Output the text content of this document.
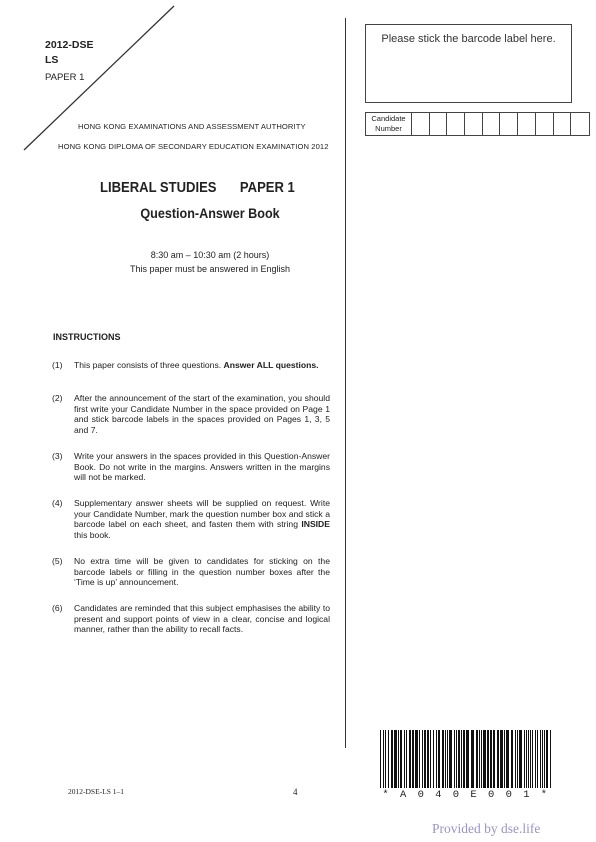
2012-DSE
LS
PAPER 1
HONG KONG EXAMINATIONS AND ASSESSMENT AUTHORITY
HONG KONG DIPLOMA OF SECONDARY EDUCATION EXAMINATION 2012
LIBERAL STUDIES PAPER 1
Question-Answer Book
8:30 am – 10:30 am (2 hours)
This paper must be answered in English
INSTRUCTIONS
(1)	This paper consists of three questions. Answer ALL questions.
(2)	After the announcement of the start of the examination, you should first write your Candidate Number in the space provided on Page 1 and stick barcode labels in the spaces provided on Pages 1, 3, 5 and 7.
(3)	Write your answers in the spaces provided in this Question-Answer Book. Do not write in the margins. Answers written in the margins will not be marked.
(4)	Supplementary answer sheets will be supplied on request. Write your Candidate Number, mark the question number box and stick a barcode label on each sheet, and fasten them with string INSIDE this book.
(5)	No extra time will be given to candidates for sticking on the barcode labels or filling in the question number boxes after the ‘Time is up’ announcement.
(6)	Candidates are reminded that this subject emphasises the ability to present and support points of view in a clear, concise and logical manner, rather than the ability to recall facts.
Please stick the barcode label here.
Candidate
Number
* A 0 4 0 E 0 0 1 *
2012-DSE-LS 1–1	4
Provided by dse.life
